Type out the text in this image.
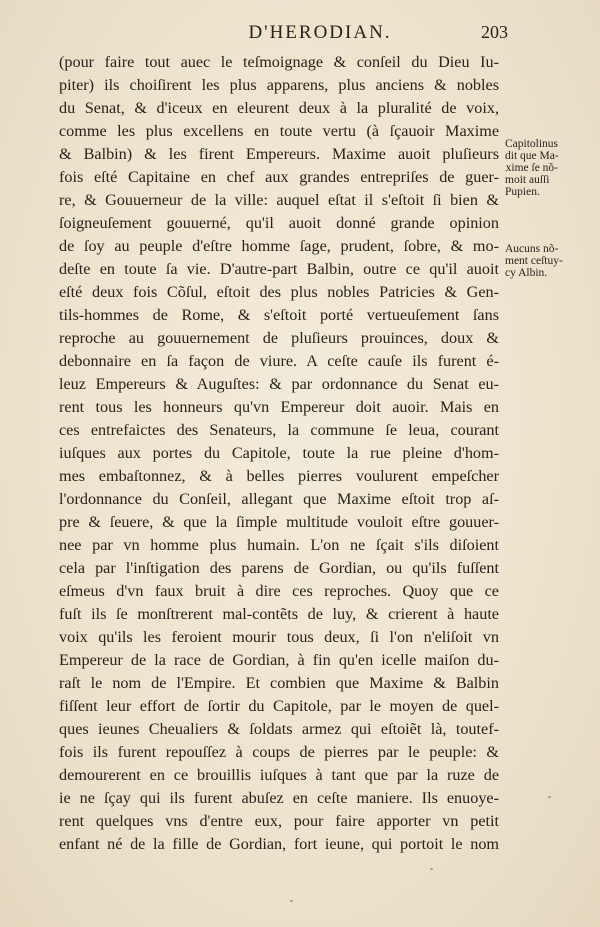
D'HERODIAN.	203
(pour faire tout auec le teſmoignage & conſeil du Dieu Iu-
piter) ils choiſirent les plus apparens, plus anciens & nobles
du Senat, & d'iceux en eleurent deux à la pluralité de voix,
comme les plus excellens en toute vertu (à ſçauoir Maxime
& Balbin) & les firent Empereurs. Maxime auoit pluſieurs
fois eſté Capitaine en chef aux grandes entrepriſes de guer-
re, & Gouuerneur de la ville: auquel eſtat il s'eſtoit ſi bien &
ſoigneuſement gouuerné, qu'il auoit donné grande opinion
de ſoy au peuple d'eſtre homme ſage, prudent, ſobre, & mo-
deſte en toute ſa vie. D'autre-part Balbin, outre ce qu'il auoit
eſté deux fois Cõſul, eſtoit des plus nobles Patricies & Gen-
tils-hommes de Rome, & s'eſtoit porté vertueuſement ſans
reproche au gouuernement de pluſieurs prouinces, doux &
debonnaire en ſa façon de viure. A ceſte cauſe ils furent é-
leuz Empereurs & Auguſtes: & par ordonnance du Senat eu-
rent tous les honneurs qu'vn Empereur doit auoir. Mais en
ces entrefaictes des Senateurs, la commune ſe leua, courant
iuſques aux portes du Capitole, toute la rue pleine d'hom-
mes embaſtonnez, & à belles pierres voulurent empeſcher
l'ordonnance du Conſeil, allegant que Maxime eſtoit trop aſ-
pre & ſeuere, & que la ſimple multitude vouloit eſtre gouuer-
nee par vn homme plus humain. L'on ne ſçait s'ils diſoient
cela par l'inſtigation des parens de Gordian, ou qu'ils fuſſent
eſmeus d'vn faux bruit à dire ces reproches. Quoy que ce
fuſt ils ſe monſtrerent mal-contẽts de luy, & crierent à haute
voix qu'ils les feroient mourir tous deux, ſi l'on n'eliſoit vn
Empereur de la race de Gordian, à fin qu'en icelle maiſon du-
raſt le nom de l'Empire. Et combien que Maxime & Balbin
fiſſent leur effort de ſortir du Capitole, par le moyen de quel-
ques ieunes Cheualiers & ſoldats armez qui eſtoiẽt là, toutef-
fois ils furent repouſſez à coups de pierres par le peuple: &
demourerent en ce brouillis iuſques à tant que par la ruze de
ie ne ſçay qui ils furent abuſez en ceſte maniere. Ils enuoye-
rent quelques vns d'entre eux, pour faire apporter vn petit
enfant né de la fille de Gordian, fort ieune, qui portoit le nom
Capitolinus
dit que Ma-
xime ſe nõ-
moit auſſi
Pupien.
Aucuns nõ-
ment ceſtuy-
cy Albin.
